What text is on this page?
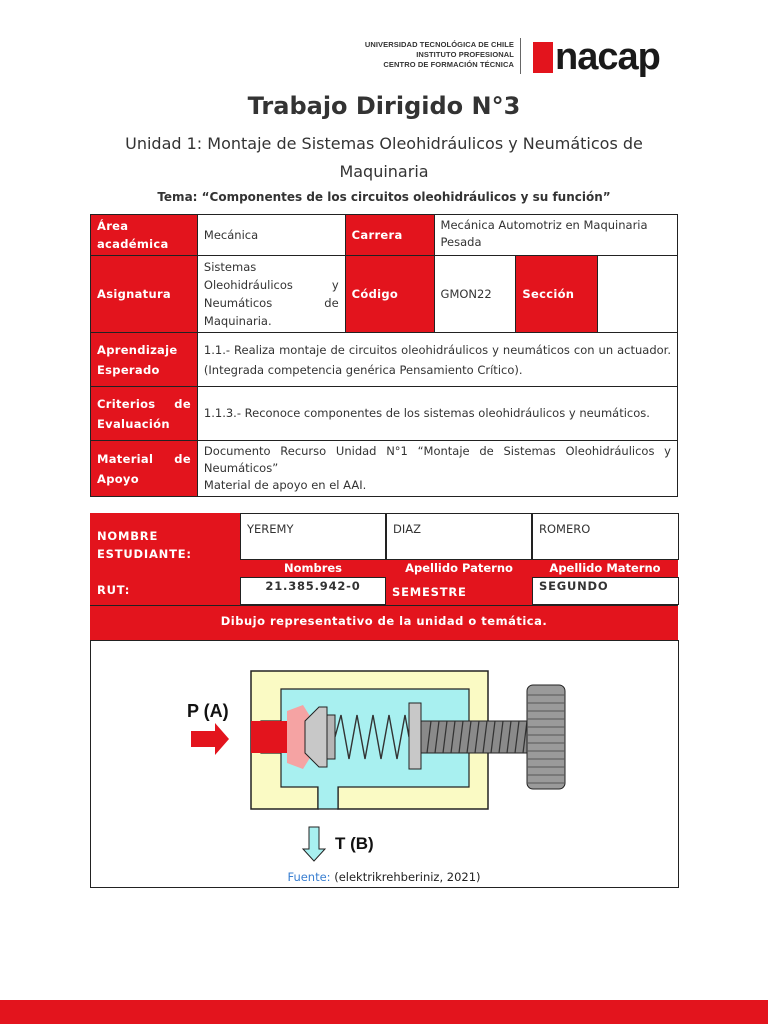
UNIVERSIDAD TECNOLÓGICA DE CHILE
INSTITUTO PROFESIONAL
CENTRO DE FORMACIÓN TÉCNICA nacap
Trabajo Dirigido N°3
Unidad 1: Montaje de Sistemas Oleohidráulicos y Neumáticos de Maquinaria
Tema: “Componentes de los circuitos oleohidráulicos y su función”
Área académica	Mecánica	Carrera	Mecánica Automotriz en Maquinaria Pesada		
Asignatura	Sistemas Oleohidráulicos y Neumáticos de Maquinaria.	Código	GMON22	Sección	
Aprendizaje Esperado	1.1.- Realiza montaje de circuitos oleohidráulicos y neumáticos con un actuador. (Integrada competencia genérica Pensamiento Crítico).				
Criterios de Evaluación	1.1.3.- Reconoce componentes de los sistemas oleohidráulicos y neumáticos.				
Material de Apoyo	Documento Recurso Unidad N°1 “Montaje de Sistemas Oleohidráulicos y Neumáticos”
Material de apoyo en el AAI.				
NOMBRE ESTUDIANTE:
YEREMY	DIAZ	ROMERO
Nombres	Apellido Paterno	Apellido Materno
RUT:	21.385.942-0	SEMESTRE	SEGUNDO
Dibujo representativo de la unidad o temática.
P (A)
T (B)
Fuente: (elektrikrehberiniz, 2021)
